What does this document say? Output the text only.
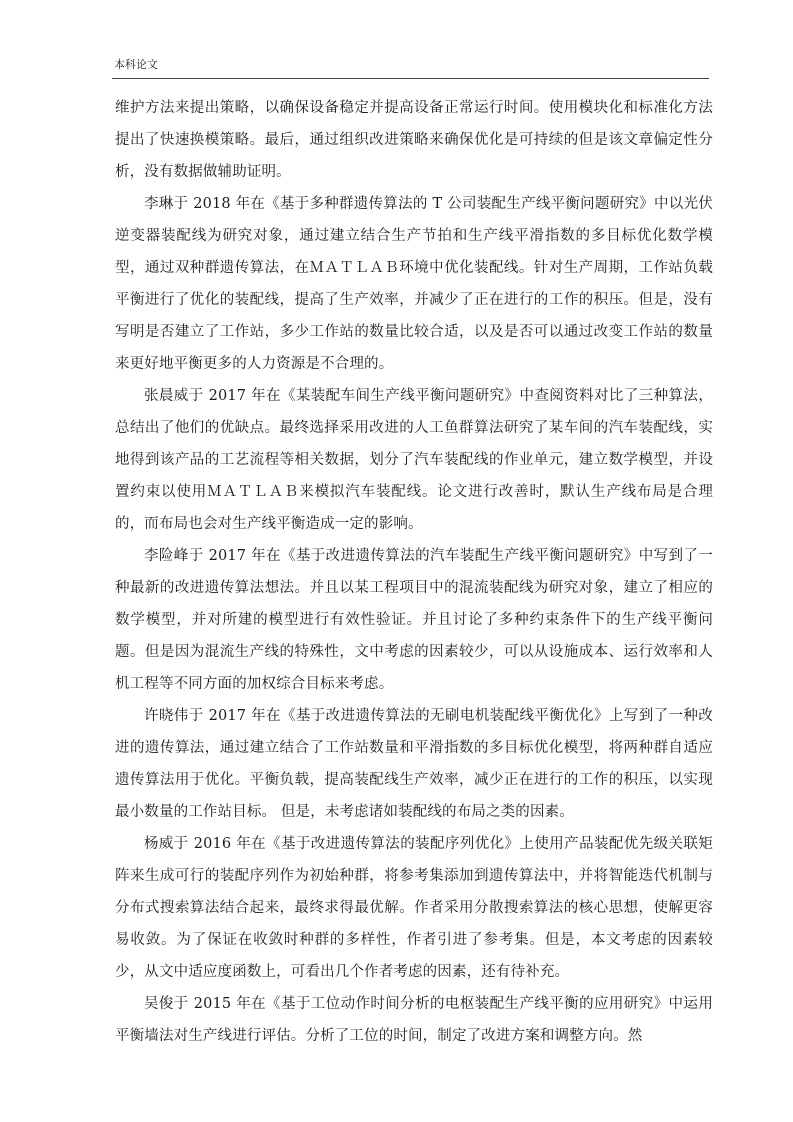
本科论文

维护方法来提出策略，以确保设备稳定并提高设备正常运行时间。使用模块化和标准化方法提出了快速换模策略。最后，通过组织改进策略来确保优化是可持续的但是该文章偏定性分析，没有数据做辅助证明。

李琳于 2018 年在《基于多种群遗传算法的 T 公司装配生产线平衡问题研究》中以光伏逆变器装配线为研究对象，通过建立结合生产节拍和生产线平滑指数的多目标优化数学模型，通过双种群遗传算法，在ＭＡＴＬＡＢ环境中优化装配线。针对生产周期，工作站负载平衡进行了优化的装配线，提高了生产效率，并减少了正在进行的工作的积压。但是，没有写明是否建立了工作站，多少工作站的数量比较合适，以及是否可以通过改变工作站的数量来更好地平衡更多的人力资源是不合理的。

张晨威于 2017 年在《某装配车间生产线平衡问题研究》中查阅资料对比了三种算法，总结出了他们的优缺点。最终选择采用改进的人工鱼群算法研究了某车间的汽车装配线，实地得到该产品的工艺流程等相关数据，划分了汽车装配线的作业单元，建立数学模型，并设置约束以使用ＭＡＴＬＡＢ来模拟汽车装配线。论文进行改善时，默认生产线布局是合理的，而布局也会对生产线平衡造成一定的影响。

李险峰于 2017 年在《基于改进遗传算法的汽车装配生产线平衡问题研究》中写到了一种最新的改进遗传算法想法。并且以某工程项目中的混流装配线为研究对象，建立了相应的数学模型，并对所建的模型进行有效性验证。并且讨论了多种约束条件下的生产线平衡问题。但是因为混流生产线的特殊性，文中考虑的因素较少，可以从设施成本、运行效率和人机工程等不同方面的加权综合目标来考虑。

许晓伟于 2017 年在《基于改进遗传算法的无刷电机装配线平衡优化》上写到了一种改进的遗传算法，通过建立结合了工作站数量和平滑指数的多目标优化模型，将两种群自适应遗传算法用于优化。平衡负载，提高装配线生产效率，减少正在进行的工作的积压，以实现最小数量的工作站目标。 但是，未考虑诸如装配线的布局之类的因素。

杨威于 2016 年在《基于改进遗传算法的装配序列优化》上使用产品装配优先级关联矩阵来生成可行的装配序列作为初始种群，将参考集添加到遗传算法中，并将智能迭代机制与分布式搜索算法结合起来，最终求得最优解。作者采用分散搜索算法的核心思想，使解更容易收敛。为了保证在收敛时种群的多样性，作者引进了参考集。但是，本文考虑的因素较少，从文中适应度函数上，可看出几个作者考虑的因素，还有待补充。

吴俊于 2015 年在《基于工位动作时间分析的电枢装配生产线平衡的应用研究》中运用平衡墙法对生产线进行评估。分析了工位的时间，制定了改进方案和调整方向。然
